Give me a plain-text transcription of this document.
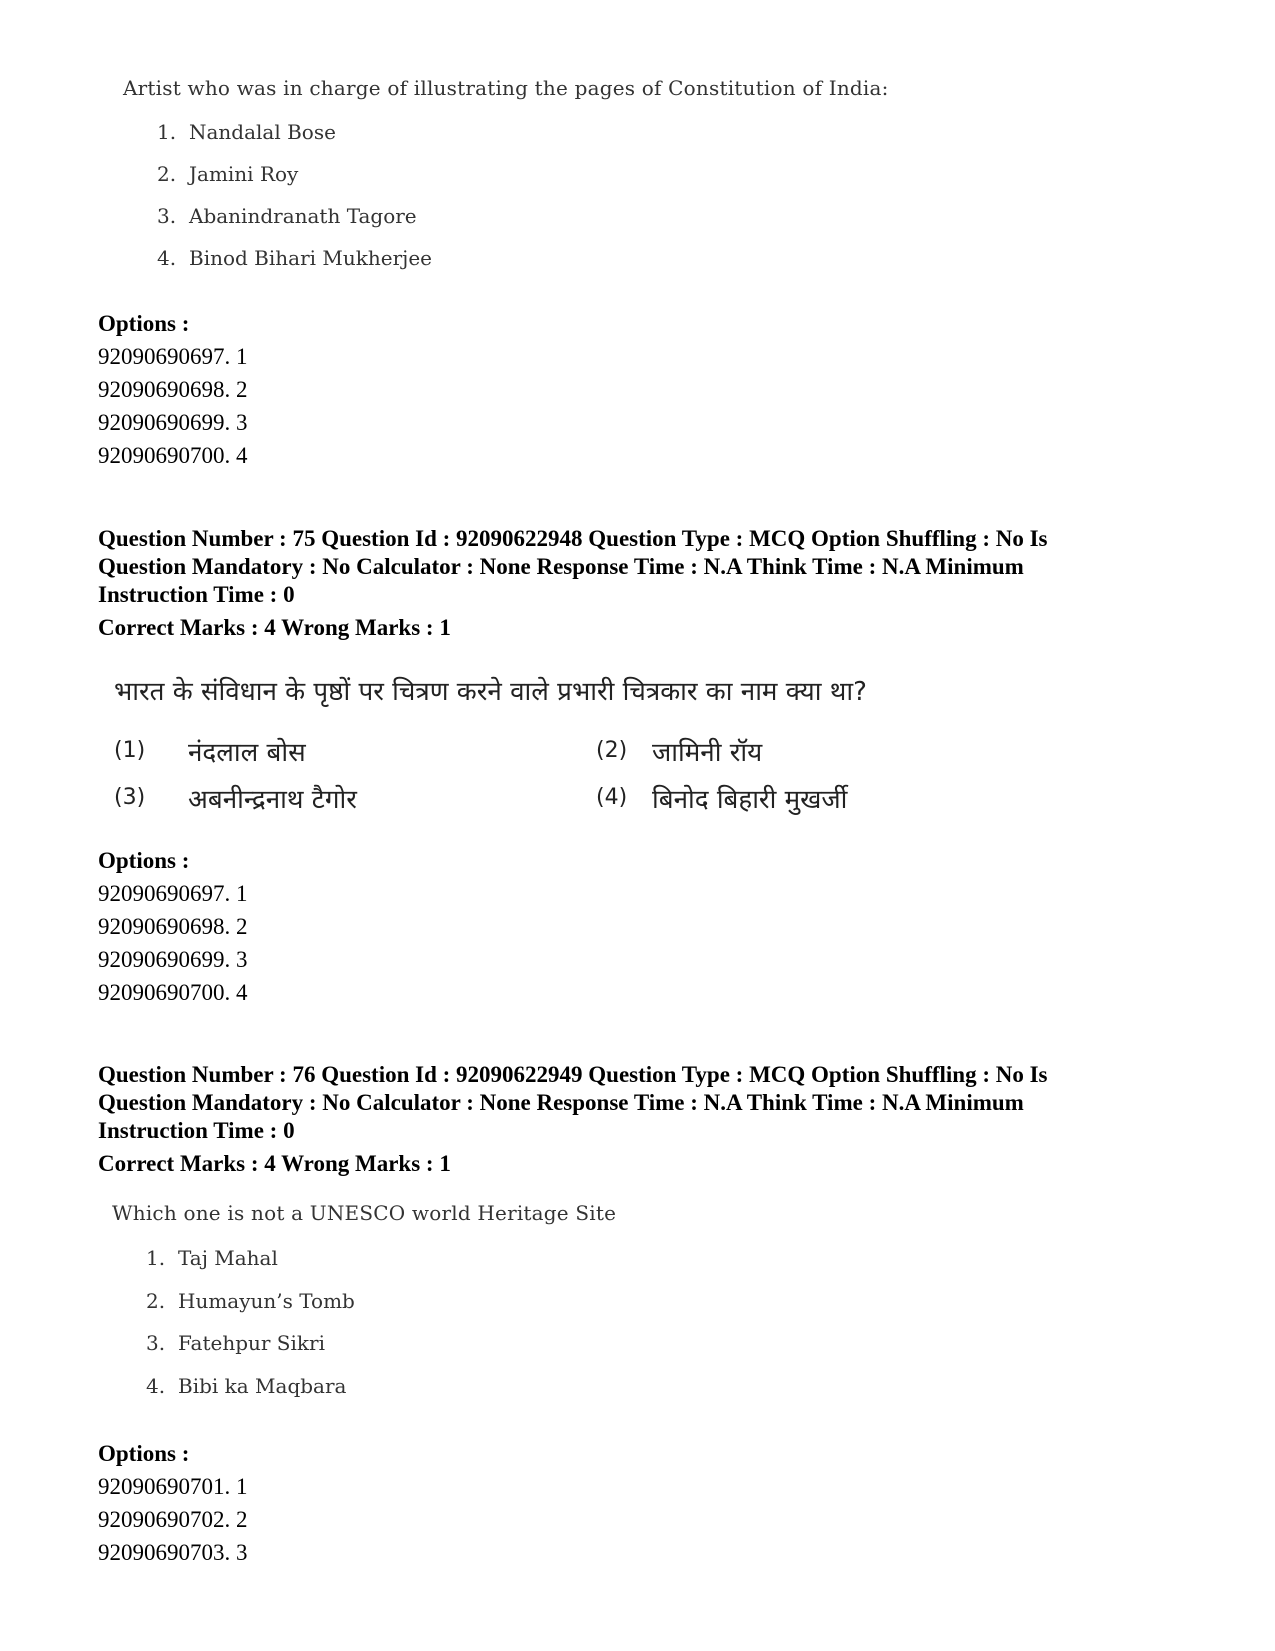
Artist who was in charge of illustrating the pages of Constitution of India:
1. Nandalal Bose
2. Jamini Roy
3. Abanindranath Tagore
4. Binod Bihari Mukherjee
Options :
92090690697. 1
92090690698. 2
92090690699. 3
92090690700. 4
Question Number : 75 Question Id : 92090622948 Question Type : MCQ Option Shuffling : No Is
Question Mandatory : No Calculator : None Response Time : N.A Think Time : N.A Minimum
Instruction Time : 0
Correct Marks : 4 Wrong Marks : 1
भारत के संविधान के पृष्ठों पर चित्रण करने वाले प्रभारी चित्रकार का नाम क्या था?
(1) नंदलाल बोस	(2) जामिनी रॉय
(3) अबनीन्द्रनाथ टैगोर	(4) बिनोद बिहारी मुखर्जी
Options :
92090690697. 1
92090690698. 2
92090690699. 3
92090690700. 4
Question Number : 76 Question Id : 92090622949 Question Type : MCQ Option Shuffling : No Is
Question Mandatory : No Calculator : None Response Time : N.A Think Time : N.A Minimum
Instruction Time : 0
Correct Marks : 4 Wrong Marks : 1
Which one is not a UNESCO world Heritage Site
1. Taj Mahal
2. Humayun’s Tomb
3. Fatehpur Sikri
4. Bibi ka Maqbara
Options :
92090690701. 1
92090690702. 2
92090690703. 3
